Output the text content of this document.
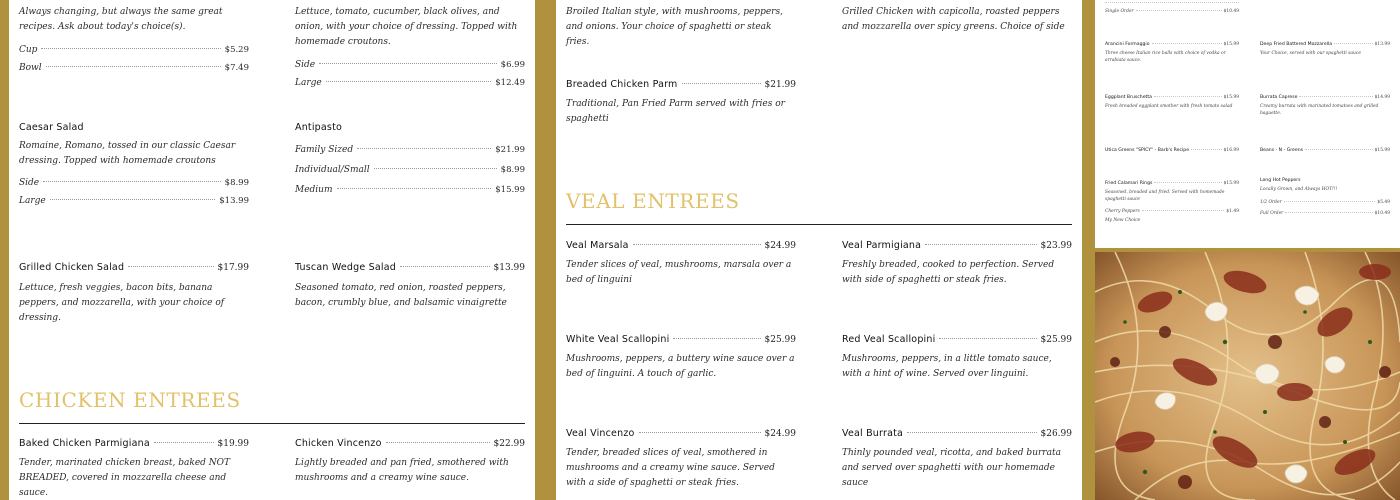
Always changing, but always the same great recipes. Ask about today's choice(s).
Cup	$5.29
Bowl	$7.49
Lettuce, tomato, cucumber, black olives, and onion, with your choice of dressing. Topped with homemade croutons.
Side	$6.99
Large	$12.49
Caesar Salad
Romaine, Romano, tossed in our classic Caesar dressing. Topped with homemade croutons
Side	$8.99
Large	$13.99
Antipasto
Family Sized	$21.99
Individual/Small	$8.99
Medium	$15.99
Grilled Chicken Salad	$17.99
Lettuce, fresh veggies, bacon bits, banana peppers, and mozzarella, with your choice of dressing.
Tuscan Wedge Salad	$13.99
Seasoned tomato, red onion, roasted peppers, bacon, crumbly blue, and balsamic vinaigrette
CHICKEN ENTREES
Baked Chicken Parmigiana	$19.99
Tender, marinated chicken breast, baked NOT BREADED, covered in mozzarella cheese and sauce.
Chicken Vincenzo	$22.99
Lightly breaded and pan fried, smothered with mushrooms and a creamy wine sauce.
Broiled Italian style, with mushrooms, peppers, and onions. Your choice of spaghetti or steak fries.
Grilled Chicken with capicolla, roasted peppers and mozzarella over spicy greens. Choice of side
Breaded Chicken Parm	$21.99
Traditional, Pan Fried Parm served with fries or spaghetti
VEAL ENTREES
Veal Marsala	$24.99
Tender slices of veal, mushrooms, marsala over a bed of linguini
Veal Parmigiana	$23.99
Freshly breaded, cooked to perfection. Served with side of spaghetti or steak fries.
White Veal Scallopini	$25.99
Mushrooms, peppers, a buttery wine sauce over a bed of linguini. A touch of garlic.
Red Veal Scallopini	$25.99
Mushrooms, peppers, in a little tomato sauce, with a hint of wine. Served over linguini.
Veal Vincenzo	$24.99
Tender, breaded slices of veal, smothered in mushrooms and a creamy wine sauce. Served with a side of spaghetti or steak fries.
Veal Burrata	$26.99
Thinly pounded veal, ricotta, and baked burrata and served over spaghetti with our homemade sauce
Single Order	$10.49
Arancini Formaggio	$15.99
Three cheese Italian rice balls with choice of vodka or arrabiata sauce.
Deep Fried Battered Mozzarella	$13.99
Your Choice, served with our spaghetti sauce
Eggplant Bruschetta	$15.99
Fresh breaded eggplant smother with fresh tomato salad
Burrata Caprese	$14.99
Creamy burrata with marinated tomatoes and grilled baguette.
Utica Greens "SPICY" - Barb's Recipe	$16.99	Beans - N - Greens	$15.99
Fried Calamari Rings	$15.99
Seasoned, breaded and fried. Served with homemade spaghetti sauce
Cherry Peppers	$1.49
My New Choice
Long Hot Peppers
Locally Grown, and Always HOT!!!
1/2 Order	$5.49
Full Order	$10.49
